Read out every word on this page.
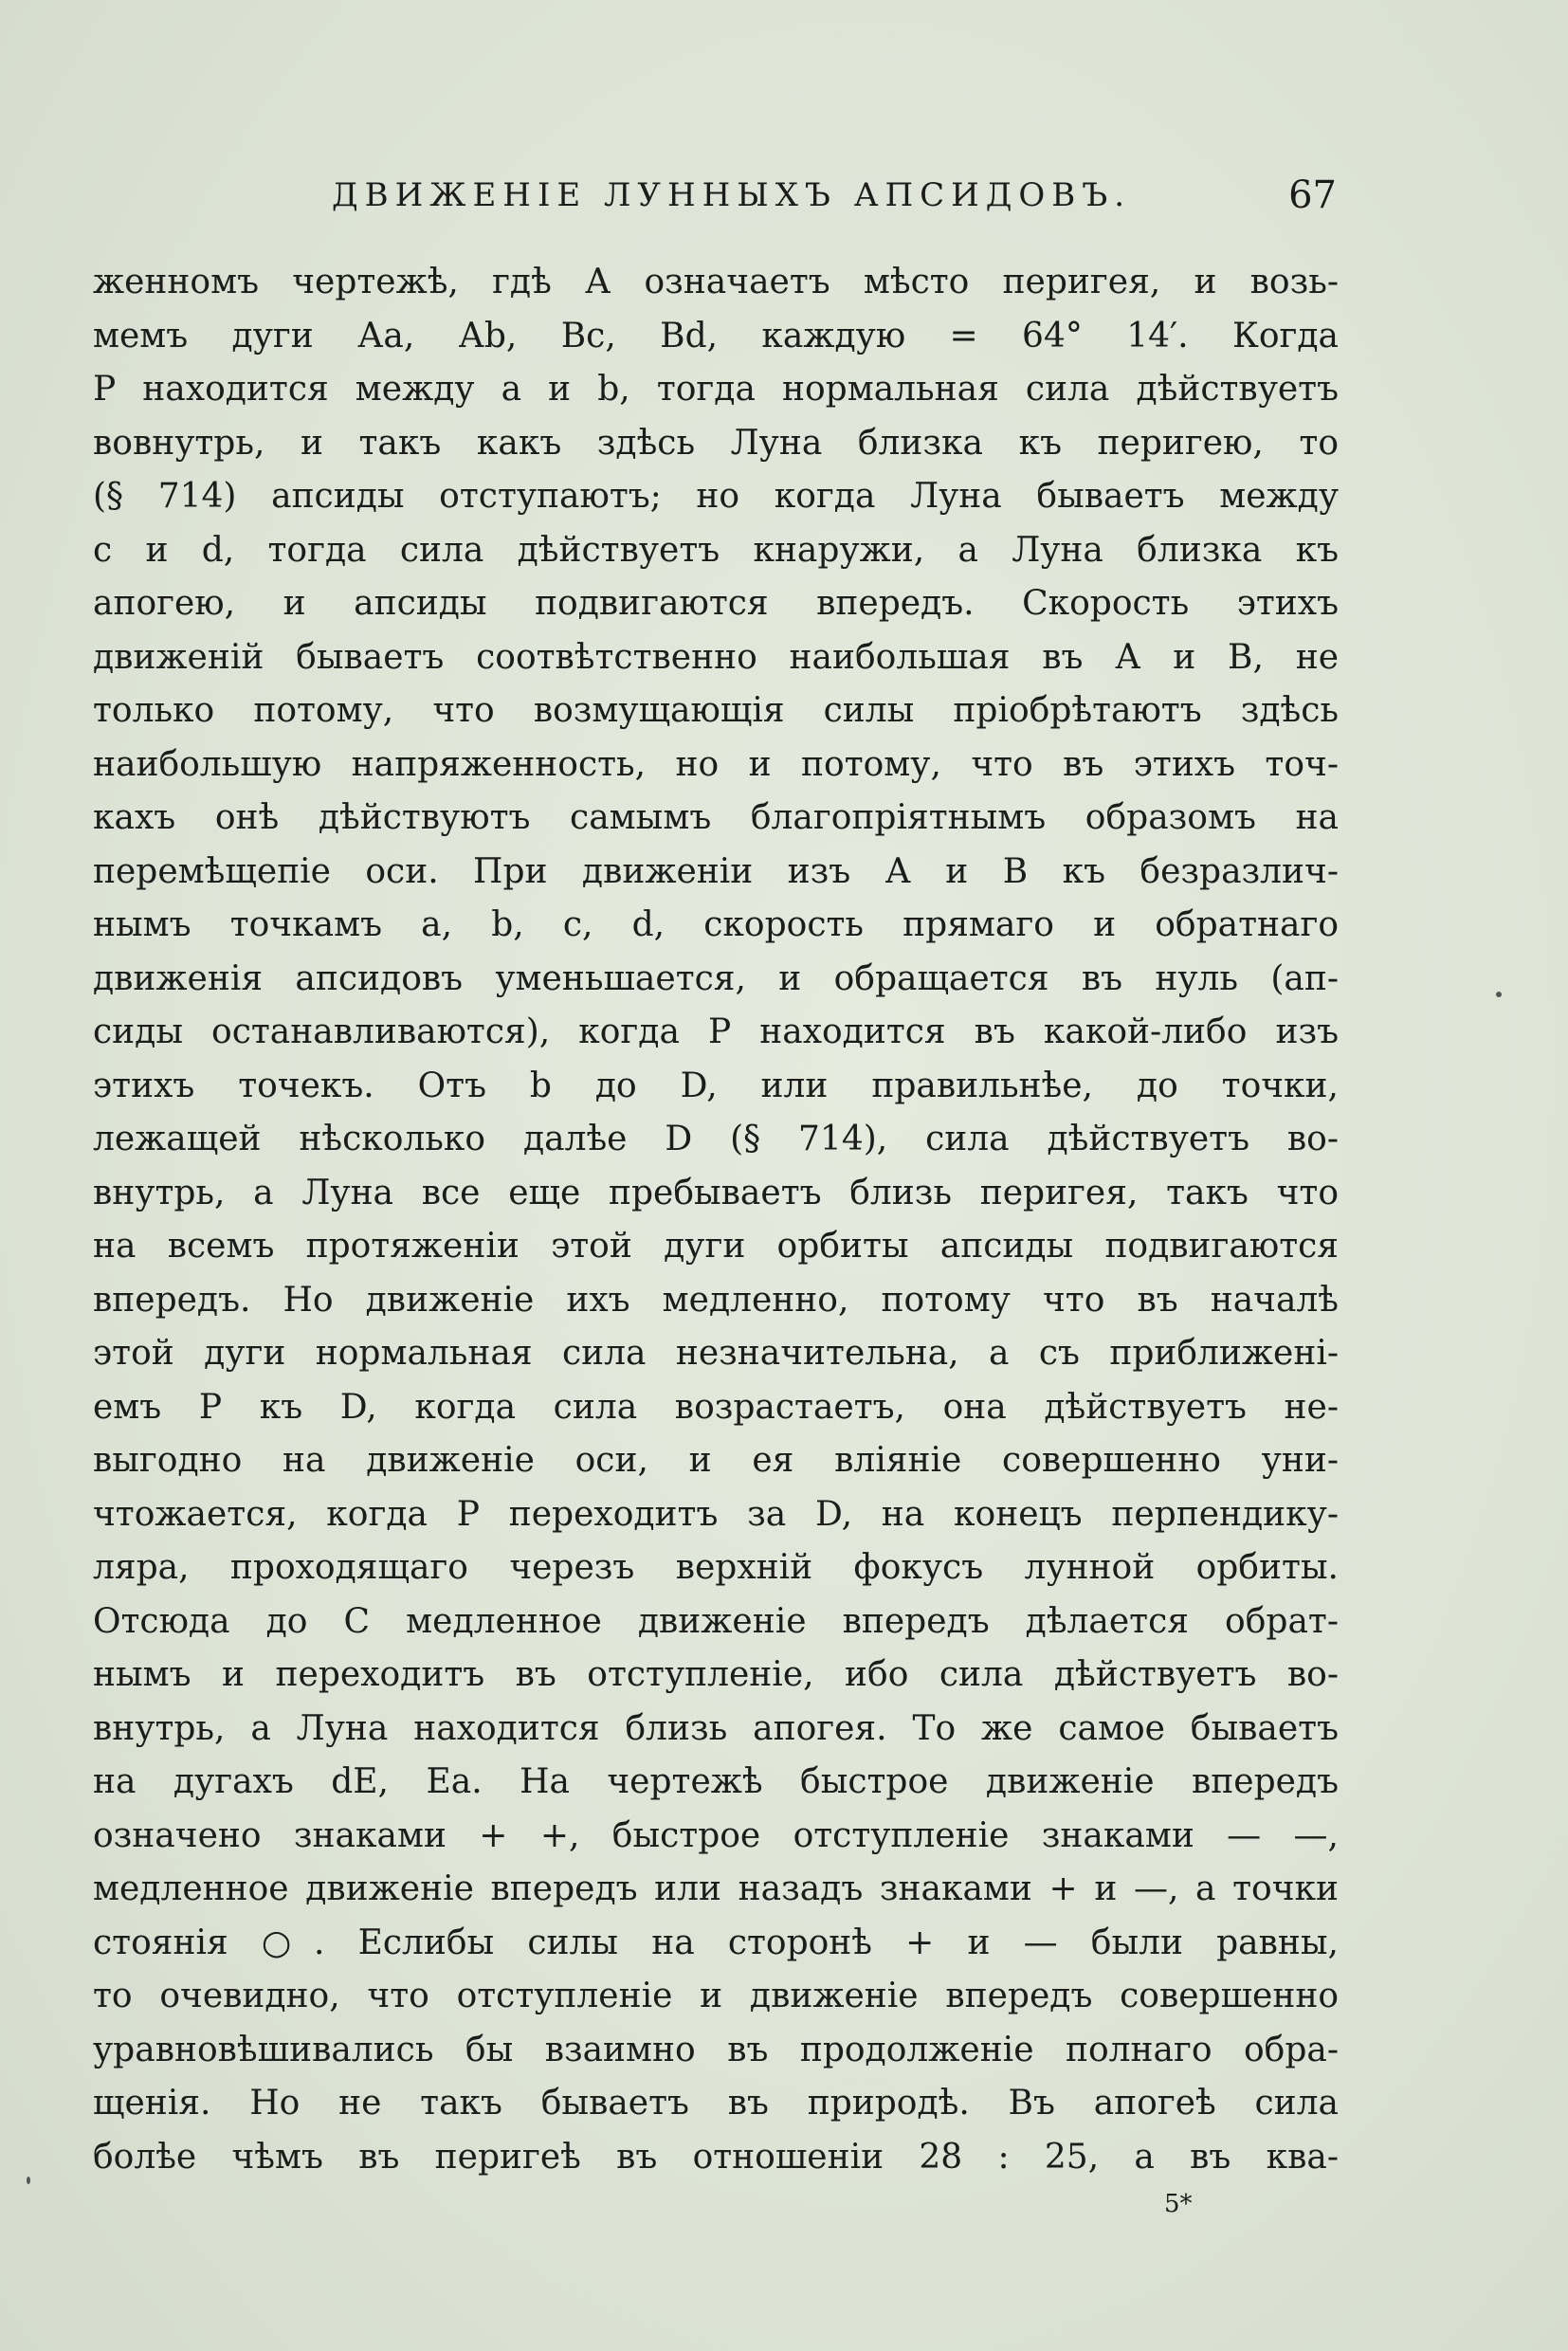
ДВИЖЕНІЕ ЛУННЫХЪ АПСИДОВЪ.	67
женномъ чертежѣ, гдѣ А означаетъ мѣсто перигея, и возь-
мемъ дуги Аa, Аb, Вc, Вd, каждую = 64° 14′. Когда
Р находится между a и b, тогда нормальная сила дѣйствуетъ
вовнутрь, и такъ какъ здѣсь Луна близка къ перигею, то
(§ 714) апсиды отступаютъ; но когда Луна бываетъ между
c и d, тогда сила дѣйствуетъ кнаружи, а Луна близка къ
апогею, и апсиды подвигаются впередъ. Скорость этихъ
движеній бываетъ соотвѣтственно наибольшая въ А и В, не
только потому, что возмущающія силы пріобрѣтаютъ здѣсь
наибольшую напряженность, но и потому, что въ этихъ точ-
кахъ онѣ дѣйствуютъ самымъ благопріятнымъ образомъ на
перемѣщепіе оси. При движеніи изъ А и В къ безразлич-
нымъ точкамъ a, b, c, d, скорость прямаго и обратнаго
движенія апсидовъ уменьшается, и обращается въ нуль (ап-
сиды останавливаются), когда Р находится въ какой-либо изъ
этихъ точекъ. Отъ b до D, или правильнѣе, до точки,
лежащей нѣсколько далѣе D (§ 714), сила дѣйствуетъ во-
внутрь, а Луна все еще пребываетъ близь перигея, такъ что
на всемъ протяженіи этой дуги орбиты апсиды подвигаются
впередъ. Но движеніе ихъ медленно, потому что въ началѣ
этой дуги нормальная сила незначительна, а съ приближені-
емъ Р къ D, когда сила возрастаетъ, она дѣйствуетъ не-
выгодно на движеніе оси, и ея вліяніе совершенно уни-
чтожается, когда Р переходитъ за D, на конецъ перпендику-
ляра, проходящаго черезъ верхній фокусъ лунной орбиты.
Отсюда до С медленное движеніе впередъ дѣлается обрат-
нымъ и переходитъ въ отступленіе, ибо сила дѣйствуетъ во-
внутрь, а Луна находится близь апогея. То же самое бываетъ
на дугахъ dЕ, Еa. На чертежѣ быстрое движеніе впередъ
означено знаками + +, быстрое отступленіе знаками — —,
медленное движеніе впередъ или назадъ знаками + и —, а точки
стоянія ○. Еслибы силы на сторонѣ + и — были равны,
то очевидно, что отступленіе и движеніе впередъ совершенно
уравновѣшивались бы взаимно въ продолженіе полнаго обра-
щенія. Но не такъ бываетъ въ природѣ. Въ апогеѣ сила
болѣе чѣмъ въ перигеѣ въ отношеніи 28 : 25, а въ ква-
5*
